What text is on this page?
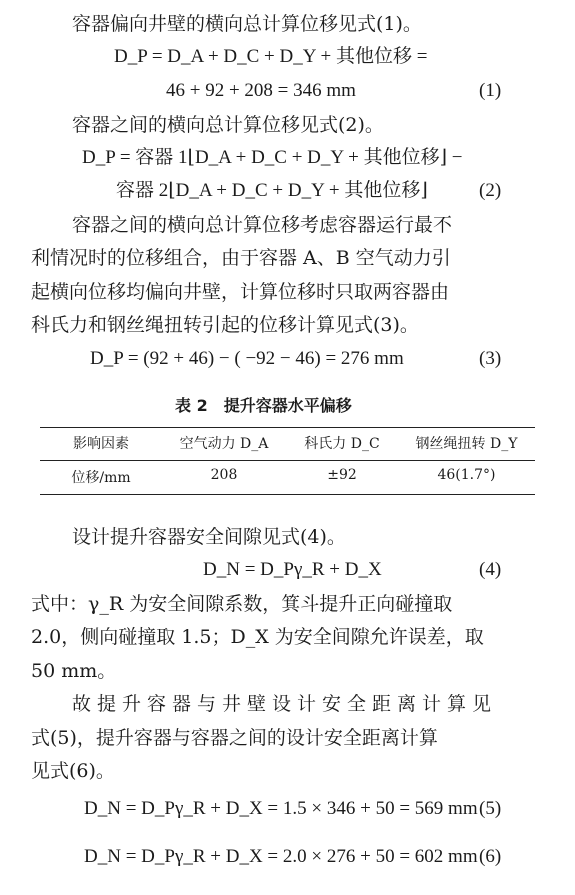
容器偏向井壁的横向总计算位移见式(1)。
D_P = D_A + D_C + D_Y + 其他位移 =
46 + 92 + 208 = 346 mm	(1)
容器之间的横向总计算位移见式(2)。
D_P = 容器 1⌊D_A + D_C + D_Y + 其他位移⌋ −
容器 2⌊D_A + D_C + D_Y + 其他位移⌋	(2)
容器之间的横向总计算位移考虑容器运行最不
利情况时的位移组合，由于容器 A、B 空气动力引
起横向位移均偏向井壁，计算位移时只取两容器由
科氏力和钢丝绳扭转引起的位移计算见式(3)。
D_P = (92 + 46) − ( −92 − 46) = 276 mm	(3)
表 2　提升容器水平偏移
影响因素	空气动力 D_A	科氏力 D_C	钢丝绳扭转 D_Y
位移/mm	208	±92	46(1.7°)
设计提升容器安全间隙见式(4)。
D_N = D_Pγ_R + D_X	(4)
式中：γ_R 为安全间隙系数，箕斗提升正向碰撞取
2.0，侧向碰撞取 1.5；D_X 为安全间隙允许误差，取
50 mm。
故提升容器与井壁设计安全距离计算见
式(5)，提升容器与容器之间的设计安全距离计算
见式(6)。
D_N = D_Pγ_R + D_X = 1.5 × 346 + 50 = 569 mm (5)
D_N = D_Pγ_R + D_X = 2.0 × 276 + 50 = 602 mm (6)
